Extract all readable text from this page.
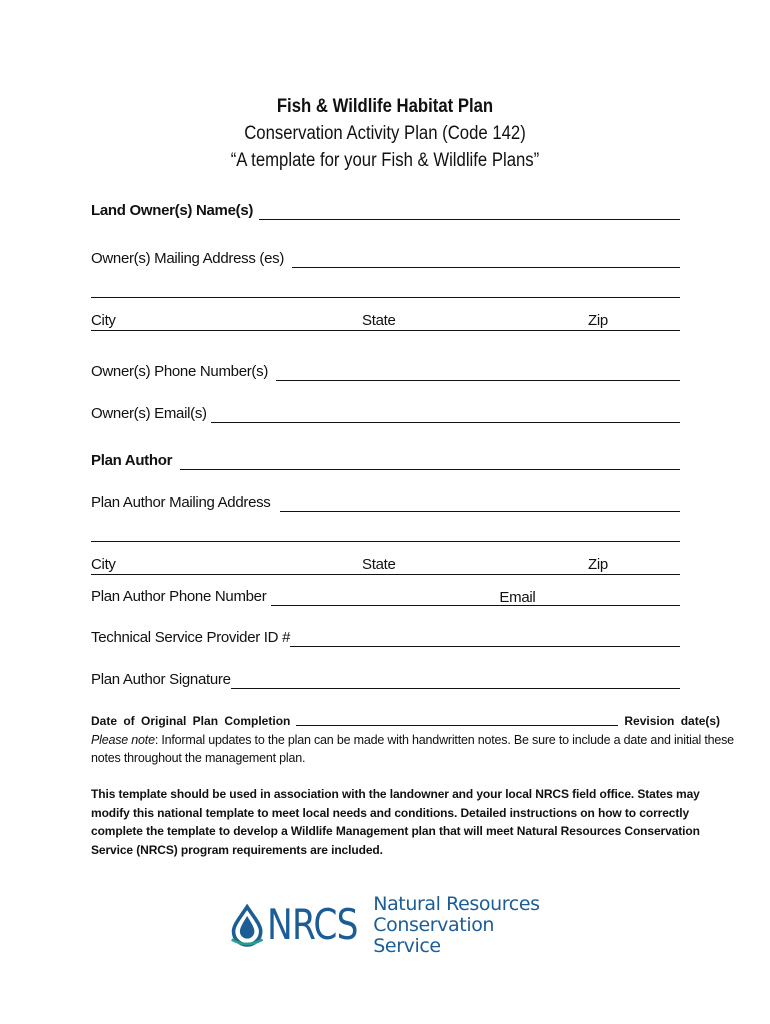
Fish & Wildlife Habitat Plan
Conservation Activity Plan (Code 142)
“A template for your Fish & Wildlife Plans”
Land Owner(s) Name(s)
Owner(s) Mailing Address (es)
City	State	Zip
Owner(s) Phone Number(s)
Owner(s) Email(s)
Plan Author
Plan Author Mailing Address
City	State	Zip
Plan Author Phone Number	Email
Technical Service Provider ID #
Plan Author Signature
Date of Original Plan Completion	Revision date(s)
Please note: Informal updates to the plan can be made with handwritten notes. Be sure to include a date and initial these notes throughout the management plan.
This template should be used in association with the landowner and your local NRCS field office. States may modify this national template to meet local needs and conditions. Detailed instructions on how to correctly complete the template to develop a Wildlife Management plan that will meet Natural Resources Conservation Service (NRCS) program requirements are included.
NRCS Natural Resources
Conservation Service
